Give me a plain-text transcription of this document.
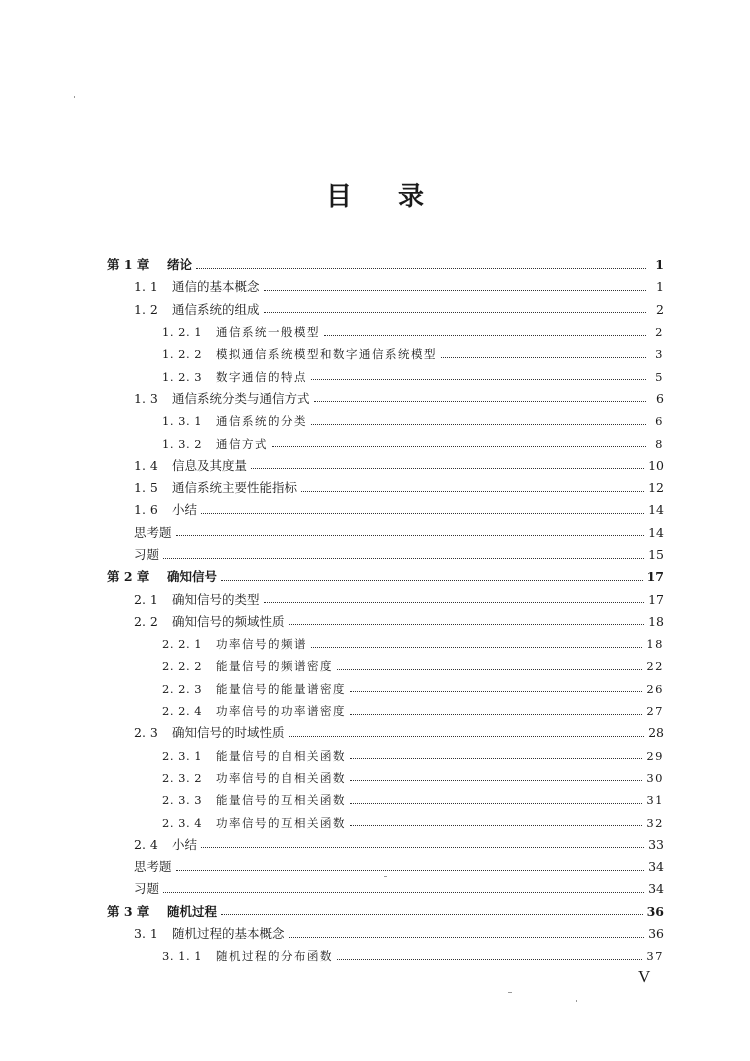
目 录
第 1 章	绪论	1
1. 1	通信的基本概念	1
1. 2	通信系统的组成	2
1. 2. 1	通信系统一般模型	2
1. 2. 2	模拟通信系统模型和数字通信系统模型	3
1. 2. 3	数字通信的特点	5
1. 3	通信系统分类与通信方式	6
1. 3. 1	通信系统的分类	6
1. 3. 2	通信方式	8
1. 4	信息及其度量	10
1. 5	通信系统主要性能指标	12
1. 6	小结	14
思考题	14
习题	15
第 2 章	确知信号	17
2. 1	确知信号的类型	17
2. 2	确知信号的频域性质	18
2. 2. 1	功率信号的频谱	18
2. 2. 2	能量信号的频谱密度	22
2. 2. 3	能量信号的能量谱密度	26
2. 2. 4	功率信号的功率谱密度	27
2. 3	确知信号的时域性质	28
2. 3. 1	能量信号的自相关函数	29
2. 3. 2	功率信号的自相关函数	30
2. 3. 3	能量信号的互相关函数	31
2. 3. 4	功率信号的互相关函数	32
2. 4	小结	33
思考题	34
习题	34
第 3 章	随机过程	36
3. 1	随机过程的基本概念	36
3. 1. 1	随机过程的分布函数	37
V
